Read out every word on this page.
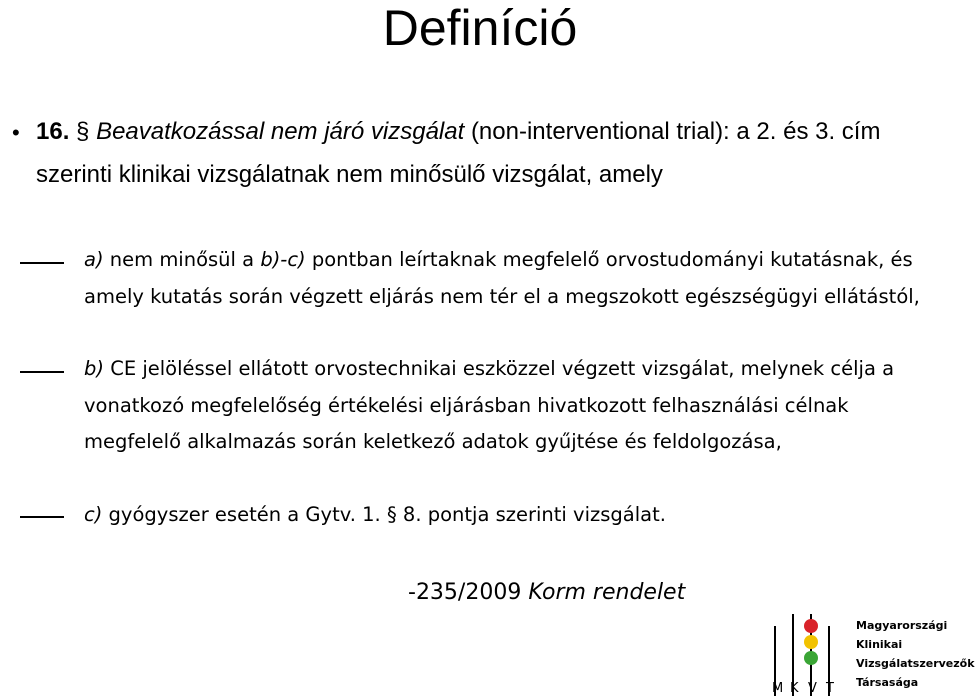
Definíció
• 16. § Beavatkozással nem járó vizsgálat (non-interventional trial): a 2. és 3. cím szerinti klinikai vizsgálatnak nem minősülő vizsgálat, amely
a) nem minősül a b)-c) pontban leírtaknak megfelelő orvostudományi kutatásnak, és amely kutatás során végzett eljárás nem tér el a megszokott egészségügyi ellátástól,
b) CE jelöléssel ellátott orvostechnikai eszközzel végzett vizsgálat, melynek célja a vonatkozó megfelelőség értékelési eljárásban hivatkozott felhasználási célnak megfelelő alkalmazás során keletkező adatok gyűjtése és feldolgozása,
c) gyógyszer esetén a Gytv. 1. § 8. pontja szerinti vizsgálat.
-235/2009 Korm rendelet
M K V T
Magyarországi
Klinikai
Vizsgálatszervezők
Társasága
